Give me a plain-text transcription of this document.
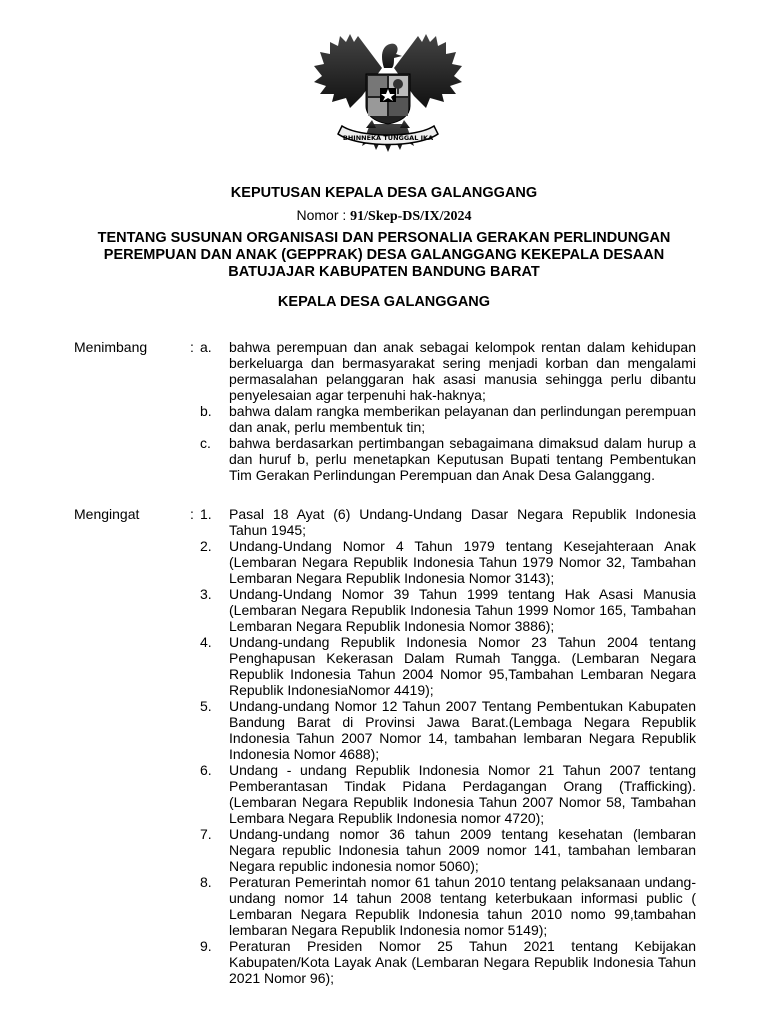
BHINNEKA TUNGGAL IKA
KEPUTUSAN KEPALA DESA GALANGGANG
Nomor : 91/Skep-DS/IX/2024
TENTANG SUSUNAN ORGANISASI DAN PERSONALIA GERAKAN PERLINDUNGAN PEREMPUAN DAN ANAK (GEPPRAK) DESA GALANGGANG KEKEPALA DESAAN BATUJAJAR KABUPATEN BANDUNG BARAT
KEPALA DESA GALANGGANG
Menimbang	: a.	bahwa perempuan dan anak sebagai kelompok rentan dalam kehidupan berkeluarga dan bermasyarakat sering menjadi korban dan mengalami permasalahan pelanggaran hak asasi manusia sehingga perlu dibantu penyelesaian agar terpenuhi hak-haknya;
b.	bahwa dalam rangka memberikan pelayanan dan perlindungan perempuan dan anak, perlu membentuk tin;
c.	bahwa berdasarkan pertimbangan sebagaimana dimaksud dalam hurup a dan huruf b, perlu menetapkan Keputusan Bupati tentang Pembentukan Tim Gerakan Perlindungan Perempuan dan Anak Desa Galanggang.
Mengingat	: 1.	Pasal 18 Ayat (6) Undang-Undang Dasar Negara Republik Indonesia Tahun 1945;
2.	Undang-Undang Nomor 4 Tahun 1979 tentang Kesejahteraan Anak (Lembaran Negara Republik Indonesia Tahun 1979 Nomor 32, Tambahan Lembaran Negara Republik Indonesia Nomor 3143);
3.	Undang-Undang Nomor 39 Tahun 1999 tentang Hak Asasi Manusia (Lembaran Negara Republik Indonesia Tahun 1999 Nomor 165, Tambahan Lembaran Negara Republik Indonesia Nomor 3886);
4.	Undang-undang Republik Indonesia Nomor 23 Tahun 2004 tentang Penghapusan Kekerasan Dalam Rumah Tangga. (Lembaran Negara Republik Indonesia Tahun 2004 Nomor 95,Tambahan Lembaran Negara Republik IndonesiaNomor 4419);
5.	Undang-undang Nomor 12 Tahun 2007 Tentang Pembentukan Kabupaten Bandung Barat di Provinsi Jawa Barat.(Lembaga Negara Republik Indonesia Tahun 2007 Nomor 14, tambahan lembaran Negara Republik Indonesia Nomor 4688);
6.	Undang - undang Republik Indonesia Nomor 21 Tahun 2007 tentang Pemberantasan Tindak Pidana Perdagangan Orang (Trafficking). (Lembaran Negara Republik Indonesia Tahun 2007 Nomor 58, Tambahan Lembara Negara Republik Indonesia nomor 4720);
7.	Undang-undang nomor 36 tahun 2009 tentang kesehatan (lembaran Negara republic Indonesia tahun 2009 nomor 141, tambahan lembaran Negara republic indonesia nomor 5060);
8.	Peraturan Pemerintah nomor 61 tahun 2010 tentang pelaksanaan undang-undang nomor 14 tahun 2008 tentang keterbukaan informasi public ( Lembaran Negara Republik Indonesia tahun 2010 nomo 99,tambahan lembaran Negara Republik Indonesia nomor 5149);
9.	Peraturan Presiden Nomor 25 Tahun 2021 tentang Kebijakan Kabupaten/Kota Layak Anak (Lembaran Negara Republik Indonesia Tahun 2021 Nomor 96);
